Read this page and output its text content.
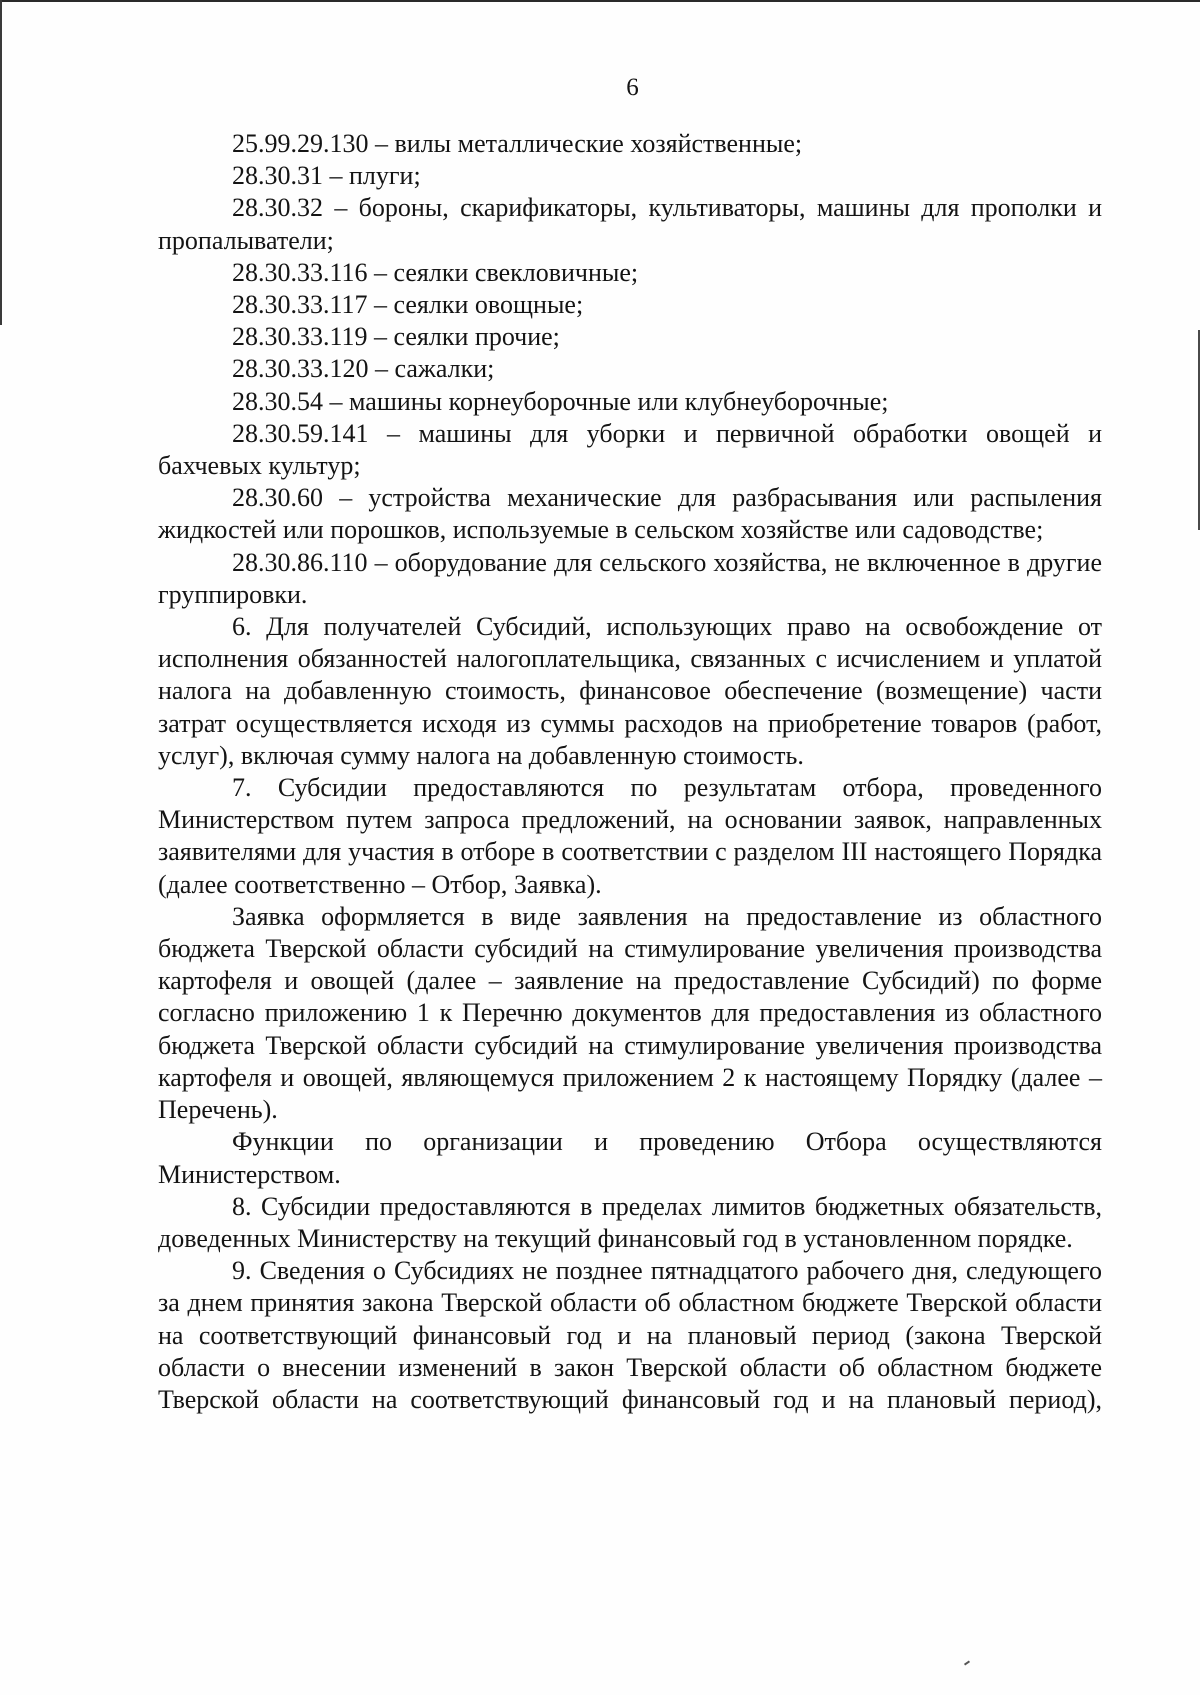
6

25.99.29.130 – вилы металлические хозяйственные;

28.30.31 – плуги;

28.30.32 – бороны, скарификаторы, культиваторы, машины для прополки и пропалыватели;

28.30.33.116 – сеялки свекловичные;

28.30.33.117 – сеялки овощные;

28.30.33.119 – сеялки прочие;

28.30.33.120 – сажалки;

28.30.54 – машины корнеуборочные или клубнеуборочные;

28.30.59.141 – машины для уборки и первичной обработки овощей и бахчевых культур;

28.30.60 – устройства механические для разбрасывания или распыления жидкостей или порошков, используемые в сельском хозяйстве или садоводстве;

28.30.86.110 – оборудование для сельского хозяйства, не включенное в другие группировки.

6. Для получателей Субсидий, использующих право на освобождение от исполнения обязанностей налогоплательщика, связанных с исчислением и уплатой налога на добавленную стоимость, финансовое обеспечение (возмещение) части затрат осуществляется исходя из суммы расходов на приобретение товаров (работ, услуг), включая сумму налога на добавленную стоимость.

7. Субсидии предоставляются по результатам отбора, проведенного Министерством путем запроса предложений, на основании заявок, направленных заявителями для участия в отборе в соответствии с разделом III настоящего Порядка (далее соответственно – Отбор, Заявка).

Заявка оформляется в виде заявления на предоставление из областного бюджета Тверской области субсидий на стимулирование увеличения производства картофеля и овощей (далее – заявление на предоставление Субсидий) по форме согласно приложению 1 к Перечню документов для предоставления из областного бюджета Тверской области субсидий на стимулирование увеличения производства картофеля и овощей, являющемуся приложением 2 к настоящему Порядку (далее – Перечень).

Функции по организации и проведению Отбора осуществляются Министерством.

8. Субсидии предоставляются в пределах лимитов бюджетных обязательств, доведенных Министерству на текущий финансовый год в установленном порядке.

9. Сведения о Субсидиях не позднее пятнадцатого рабочего дня, следующего за днем принятия закона Тверской области об областном бюджете Тверской области на соответствующий финансовый год и на плановый период (закона Тверской области о внесении изменений в закон Тверской области об областном бюджете Тверской области на соответствующий финансовый год и на плановый период),
